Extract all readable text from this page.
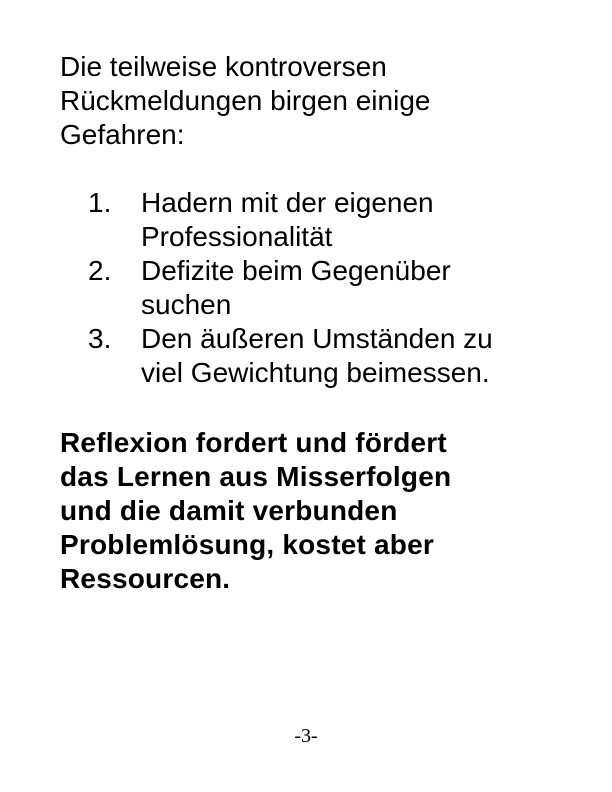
Die teilweise kontroversen
Rückmeldungen birgen einige
Gefahren:

1. Hadern mit der eigenen
Professionalität
2. Defizite beim Gegenüber
suchen
3. Den äußeren Umständen zu
viel Gewichtung beimessen.

Reflexion fordert und fördert
das Lernen aus Misserfolgen
und die damit verbunden
Problemlösung, kostet aber
Ressourcen.

-3-
